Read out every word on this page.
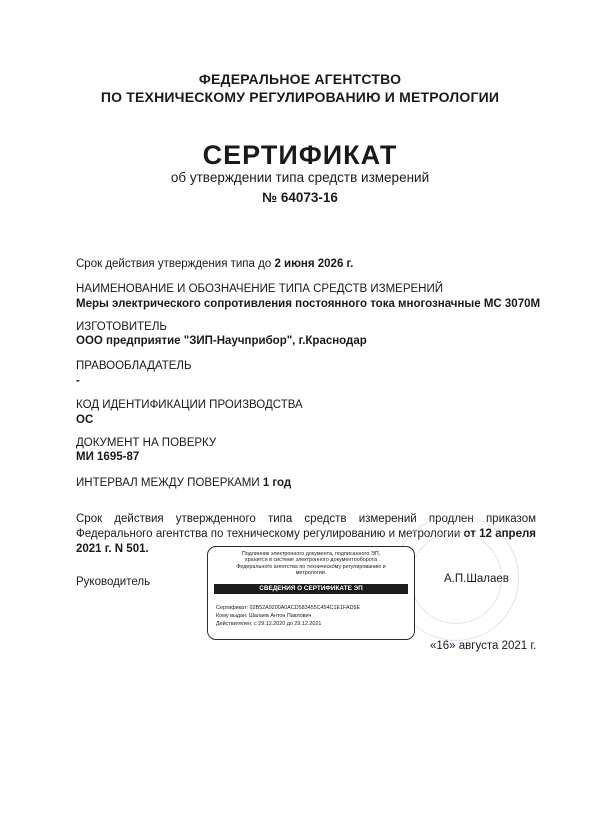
ФЕДЕРАЛЬНОЕ АГЕНТСТВО
ПО ТЕХНИЧЕСКОМУ РЕГУЛИРОВАНИЮ И МЕТРОЛОГИИ
СЕРТИФИКАТ
об утверждении типа средств измерений
№ 64073-16
Срок действия утверждения типа до 2 июня 2026 г.
НАИМЕНОВАНИЕ И ОБОЗНАЧЕНИЕ ТИПА СРЕДСТВ ИЗМЕРЕНИЙ
Меры электрического сопротивления постоянного тока многозначные МС 3070М
ИЗГОТОВИТЕЛЬ
ООО предприятие "ЗИП-Научприбор", г.Краснодар
ПРАВООБЛАДАТЕЛЬ
-
КОД ИДЕНТИФИКАЦИИ ПРОИЗВОДСТВА
ОС
ДОКУМЕНТ НА ПОВЕРКУ
МИ 1695-87
ИНТЕРВАЛ МЕЖДУ ПОВЕРКАМИ 1 год
Срок действия утвержденного типа средств измерений продлен приказом Федерального агентства по техническому регулированию и метрологии от 12 апреля 2021 г. N 501.
Руководитель	А.П.Шалаев
Подлинник электронного документа, подписанного ЭП,
хранится в системе электронного документооборота
Федерального агентства по техническому регулированию и
метрологии.
СВЕДЕНИЯ О СЕРТИФИКАТЕ ЭП
Сертификат: 02B52A9200A0ACD583455C454C1E1FAD5E
Кому выдан: Шалаев Антон Павлович
Действителен: с 29.12.2020 до 29.12.2021
«16» августа 2021 г.
